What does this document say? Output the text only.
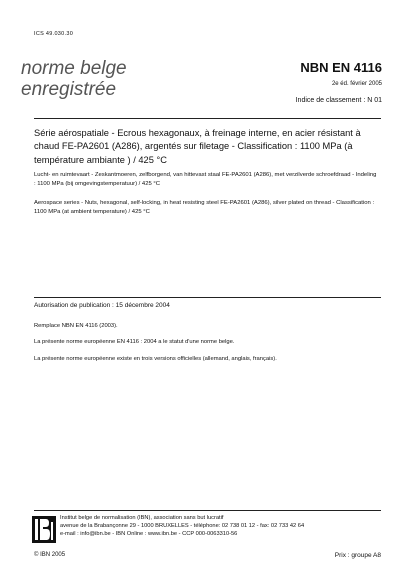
ICS 49.030.30
norme belge
enregistrée
NBN EN 4116
2e éd. février 2005
Indice de classement : N 01
Série aérospatiale - Ecrous hexagonaux, à freinage interne, en acier résistant à chaud FE-PA2601 (A286), argentés sur filetage - Classification : 1100 MPa (à température ambiante ) / 425 °C
Lucht- en ruimtevaart - Zeskantmoeren, zelfborgend, van hittevast staal FE-PA2601 (A286), met verzilverde schroefdraad - Indeling : 1100 MPa (bij omgevingstemperatuur) / 425 °C
Aerospace series - Nuts, hexagonal, self-locking, in heat resisting steel FE-PA2601 (A286), silver plated on thread - Classification : 1100 MPa (at ambient temperature) / 425 °C
Autorisation de publication : 15 décembre 2004
Remplace NBN EN 4116 (2003).
La présente norme européenne EN 4116 : 2004 a le statut d'une norme belge.
La présente norme européenne existe en trois versions officielles (allemand, anglais, français).
Institut belge de normalisation (IBN), association sans but lucratif
avenue de la Brabançonne 29 - 1000 BRUXELLES - téléphone: 02 738 01 12 - fax: 02 733 42 64
e-mail : info@ibn.be - IBN Online : www.ibn.be - CCP 000-0063310-56
© IBN 2005	Prix : groupe A8
